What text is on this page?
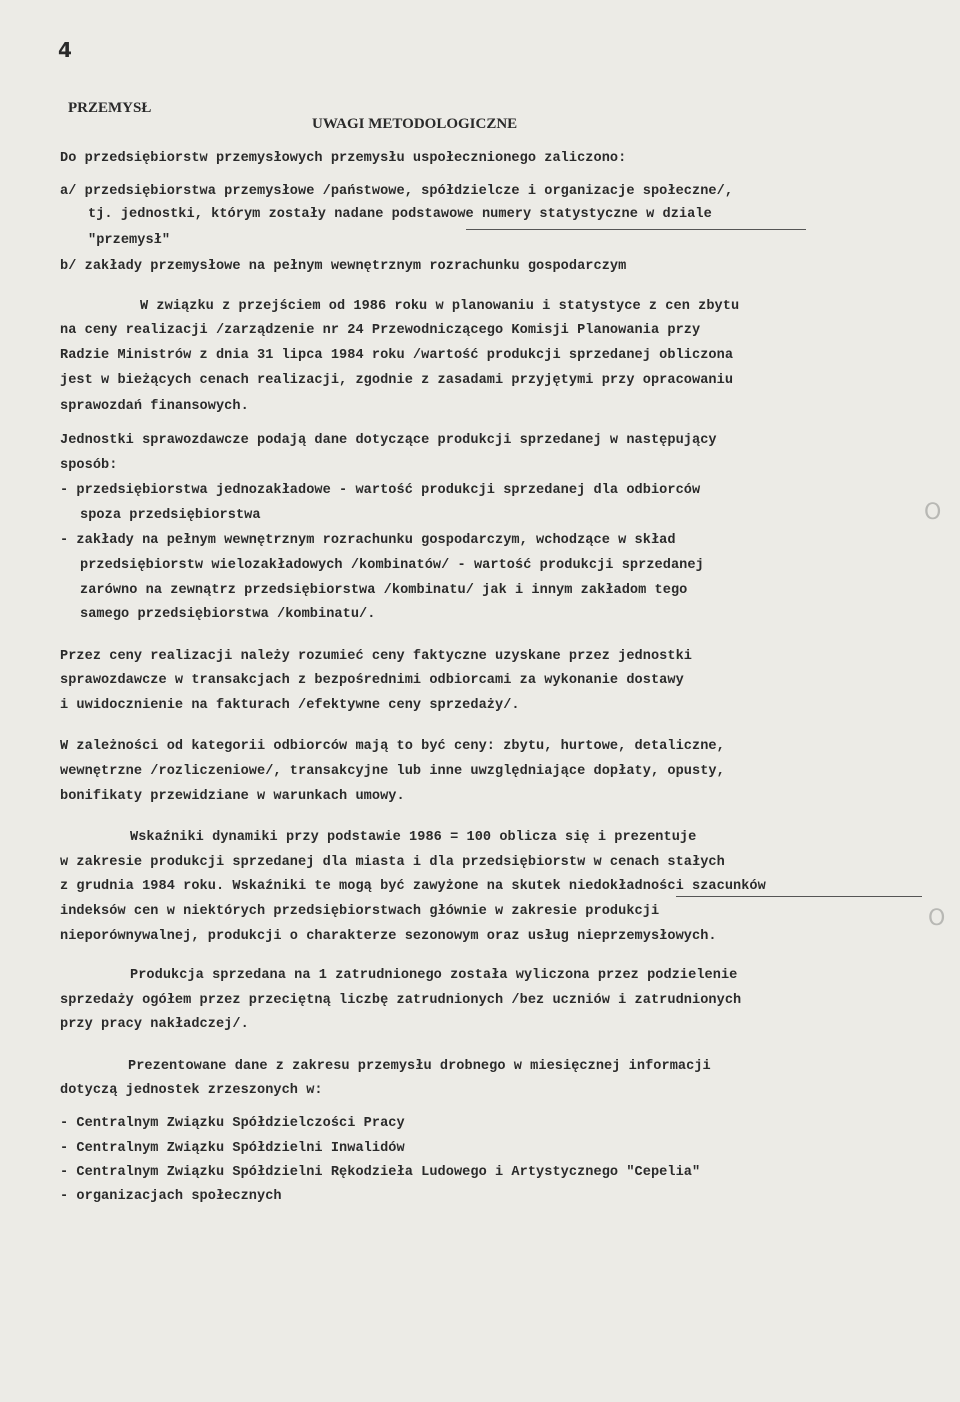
4
PRZEMYSŁ
UWAGI METODOLOGICZNE
Do przedsiębiorstw przemysłowych przemysłu uspołecznionego zaliczono:
a/ przedsiębiorstwa przemysłowe /państwowe, spółdzielcze i organizacje społeczne/,
tj. jednostki, którym zostały nadane podstawowe numery statystyczne w dziale
"przemysł"
b/ zakłady przemysłowe na pełnym wewnętrznym rozrachunku gospodarczym
W związku z przejściem od 1986 roku w planowaniu i statystyce z cen zbytu
na ceny realizacji /zarządzenie nr 24 Przewodniczącego Komisji Planowania przy
Radzie Ministrów z dnia 31 lipca 1984 roku /wartość produkcji sprzedanej obliczona
jest w bieżących cenach realizacji, zgodnie z zasadami przyjętymi przy opracowaniu
sprawozdań finansowych.
Jednostki sprawozdawcze podają dane dotyczące produkcji sprzedanej w następujący
sposób:
- przedsiębiorstwa jednozakładowe - wartość produkcji sprzedanej dla odbiorców
spoza przedsiębiorstwa
- zakłady na pełnym wewnętrznym rozrachunku gospodarczym, wchodzące w skład
przedsiębiorstw wielozakładowych /kombinatów/ - wartość produkcji sprzedanej
zarówno na zewnątrz przedsiębiorstwa /kombinatu/ jak i innym zakładom tego
samego przedsiębiorstwa /kombinatu/.
Przez ceny realizacji należy rozumieć ceny faktyczne uzyskane przez jednostki
sprawozdawcze w transakcjach z bezpośrednimi odbiorcami za wykonanie dostawy
i uwidocznienie na fakturach /efektywne ceny sprzedaży/.
W zależności od kategorii odbiorców mają to być ceny: zbytu, hurtowe, detaliczne,
wewnętrzne /rozliczeniowe/, transakcyjne lub inne uwzględniające dopłaty, opusty,
bonifikaty przewidziane w warunkach umowy.
Wskaźniki dynamiki przy podstawie 1986 = 100 oblicza się i prezentuje
w zakresie produkcji sprzedanej dla miasta i dla przedsiębiorstw w cenach stałych
z grudnia 1984 roku. Wskaźniki te mogą być zawyżone na skutek niedokładności szacunków
indeksów cen w niektórych przedsiębiorstwach głównie w zakresie produkcji
nieporównywalnej, produkcji o charakterze sezonowym oraz usług nieprzemysłowych.
Produkcja sprzedana na 1 zatrudnionego została wyliczona przez podzielenie
sprzedaży ogółem przez przeciętną liczbę zatrudnionych /bez uczniów i zatrudnionych
przy pracy nakładczej/.
Prezentowane dane z zakresu przemysłu drobnego w miesięcznej informacji
dotyczą jednostek zrzeszonych w:
- Centralnym Związku Spółdzielczości Pracy
- Centralnym Związku Spółdzielni Inwalidów
- Centralnym Związku Spółdzielni Rękodzieła Ludowego i Artystycznego "Cepelia"
- organizacjach społecznych
O
O
